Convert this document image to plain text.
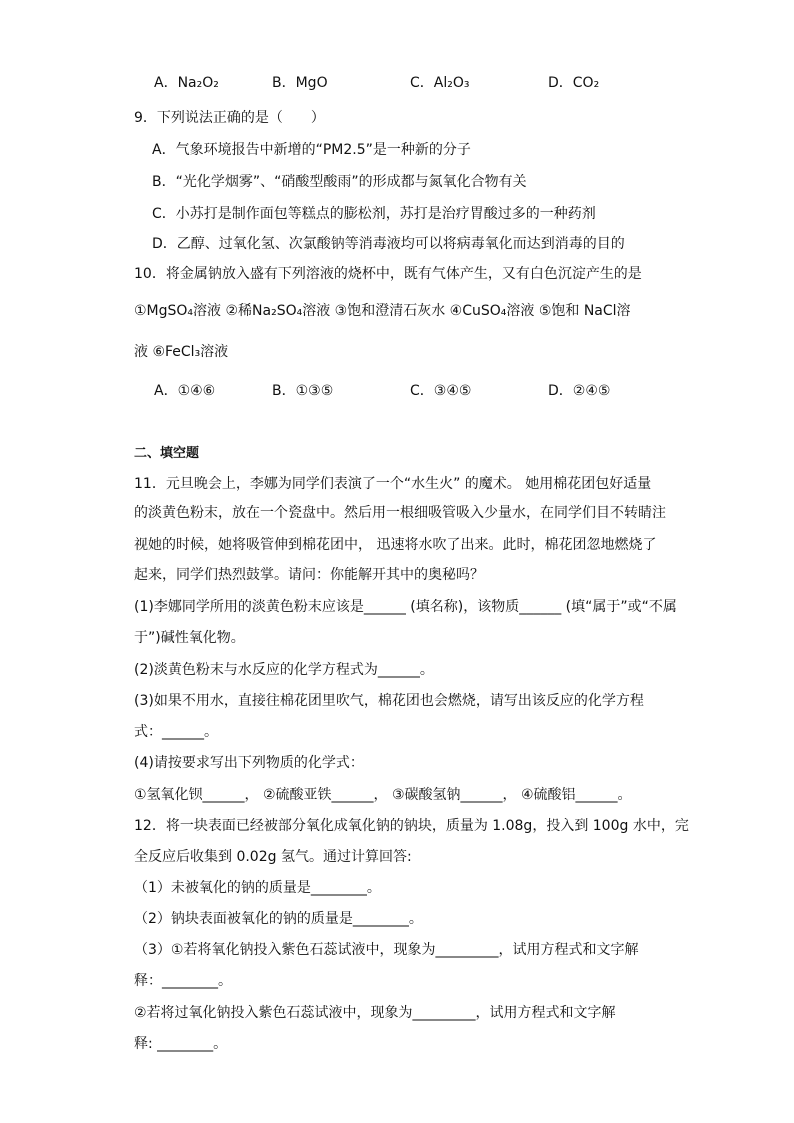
A．Na₂O₂	B．MgO	C．Al₂O₃	D．CO₂
9．下列说法正确的是（　　）
A．气象环境报告中新增的“PM2.5”是一种新的分子
B．“光化学烟雾”、“硝酸型酸雨”的形成都与氮氧化合物有关
C．小苏打是制作面包等糕点的膨松剂，苏打是治疗胃酸过多的一种药剂
D．乙醇、过氧化氢、次氯酸钠等消毒液均可以将病毒氧化而达到消毒的目的
10．将金属钠放入盛有下列溶液的烧杯中，既有气体产生，又有白色沉淀产生的是
①MgSO₄溶液 ②稀Na₂SO₄溶液 ③饱和澄清石灰水 ④CuSO₄溶液 ⑤饱和 NaCl溶
液 ⑥FeCl₃溶液
A．①④⑥	B．①③⑤	C．③④⑤	D．②④⑤
二、填空题
11．元旦晚会上，李娜为同学们表演了一个“水生火” 的魔术。 她用棉花团包好适量
的淡黄色粉末，放在一个瓷盘中。然后用一根细吸管吸入少量水，在同学们目不转睛注
视她的时候，她将吸管伸到棉花团中， 迅速将水吹了出来。此时，棉花团忽地燃烧了
起来，同学们热烈鼓掌。请问：你能解开其中的奥秘吗？
(1)李娜同学所用的淡黄色粉末应该是______ (填名称)，该物质______ (填“属于”或“不属
于”)碱性氧化物。
(2)淡黄色粉末与水反应的化学方程式为______。
(3)如果不用水，直接往棉花团里吹气，棉花团也会燃烧，请写出该反应的化学方程
式：______。
(4)请按要求写出下列物质的化学式：
①氢氧化钡______， ②硫酸亚铁______， ③碳酸氢钠______， ④硫酸铝______。
12．将一块表面已经被部分氧化成氧化钠的钠块，质量为 1.08g，投入到 100g 水中，完
全反应后收集到 0.02g 氢气。通过计算回答:
（1）未被氧化的钠的质量是________。
（2）钠块表面被氧化的钠的质量是________。
（3）①若将氧化钠投入紫色石蕊试液中，现象为_________，试用方程式和文字解
释：________。
②若将过氧化钠投入紫色石蕊试液中，现象为_________，试用方程式和文字解
释: ________。
